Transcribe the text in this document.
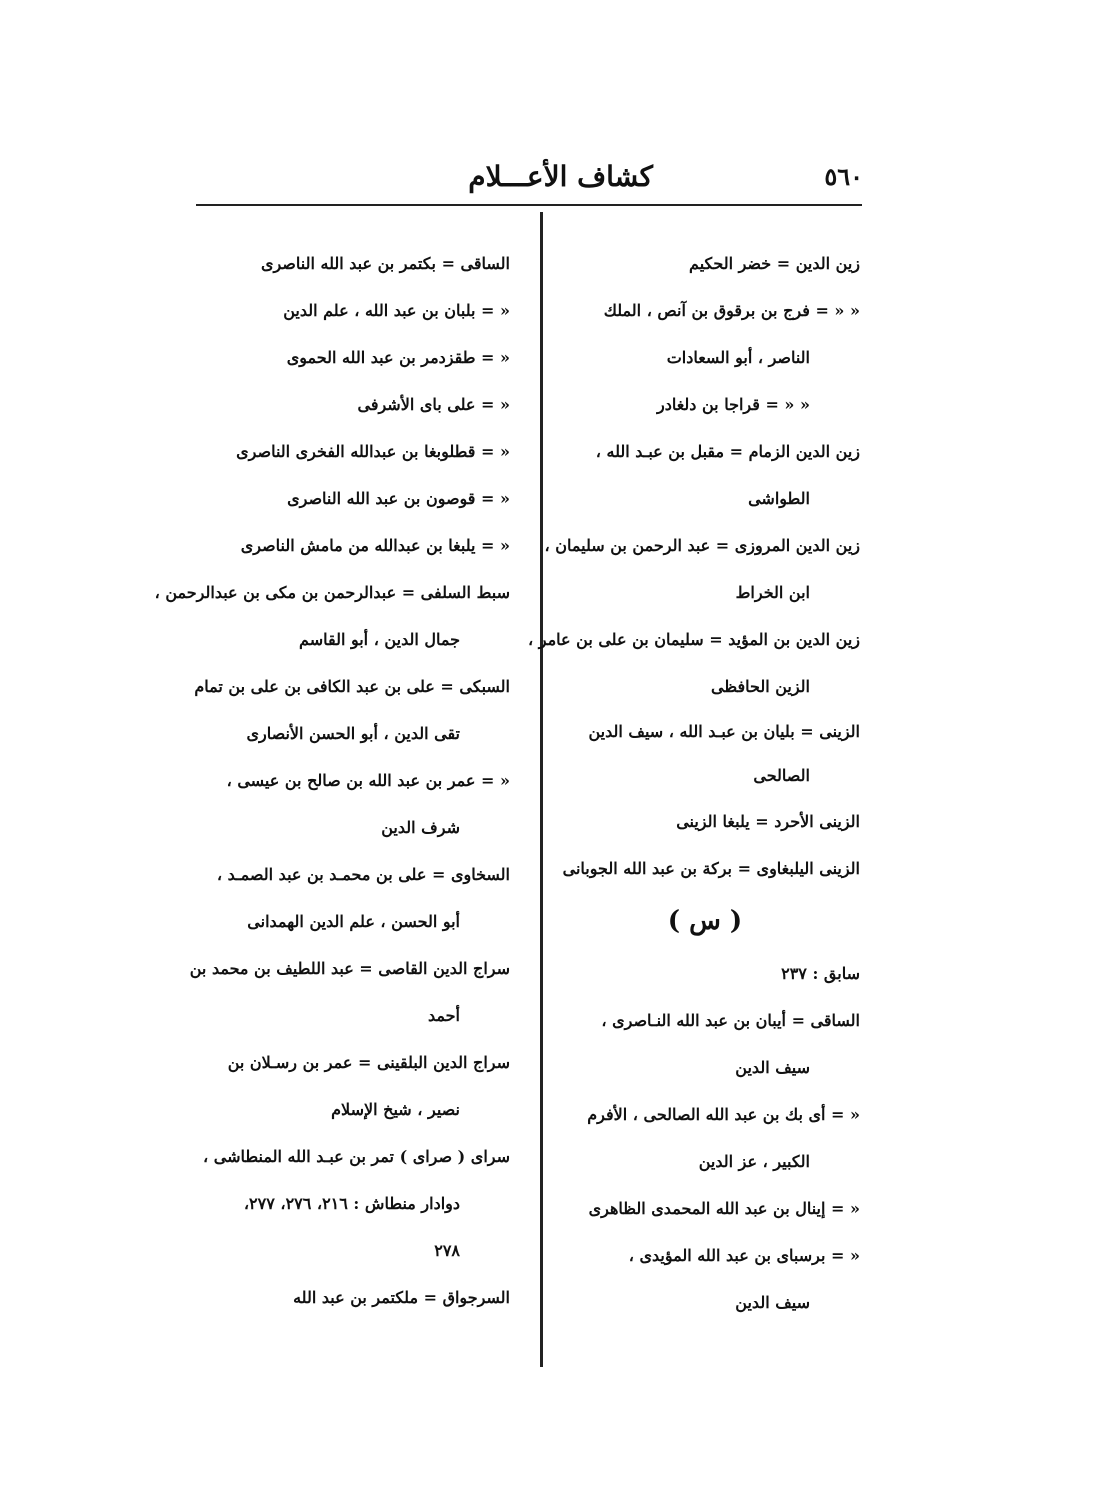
٥٦٠
كشاف الأعـــلام
زين الدين = خضر الحكيم
« « = فرج بن برقوق بن آنص ، الملك
الناصر ، أبو السعادات
« « = قراجا بن دلغادر
زين الدين الزمام = مقبل بن عبـد الله ،
الطواشى
زين الدين المروزى = عبد الرحمن بن سليمان ،
ابن الخراط
زين الدين بن المؤيد = سليمان بن على بن عامر ،
الزين الحافظى
الزينى = بليان بن عبـد الله ، سيف الدين
الصالحى
الزينى الأحرد = يلبغا الزينى
الزينى اليلبغاوى = بركة بن عبد الله الجوبانى
( س )
سابق : ٢٣٧
الساقى = أيبان بن عبد الله النـاصرى ،
سيف الدين
« = أى بك بن عبد الله الصالحى ، الأفرم
الكبير ، عز الدين
« = إينال بن عبد الله المحمدى الظاهرى
« = برسباى بن عبد الله المؤيدى ،
سيف الدين
الساقى = بكتمر بن عبد الله الناصرى
« = بلبان بن عبد الله ، علم الدين
« = طقزدمر بن عبد الله الحموى
« = على باى الأشرفى
« = قطلوبغا بن عبدالله الفخرى الناصرى
« = قوصون بن عبد الله الناصرى
« = يلبغا بن عبدالله من مامش الناصرى
سبط السلفى = عبدالرحمن بن مكى بن عبدالرحمن ،
جمال الدين ، أبو القاسم
السبكى = على بن عبد الكافى بن على بن تمام
تقى الدين ، أبو الحسن الأنصارى
« = عمر بن عبد الله بن صالح بن عيسى ،
شرف الدين
السخاوى = على بن محمـد بن عبد الصمـد ،
أبو الحسن ، علم الدين الهمدانى
سراج الدين القاصى = عبد اللطيف بن محمد بن
أحمد
سراج الدين البلقينى = عمر بن رسـلان بن
نصير ، شيخ الإسلام
سراى ( صراى ) تمر بن عبـد الله المنطاشى ،
دوادار منطاش : ٢١٦، ٢٧٦، ٢٧٧،
٢٧٨
السرجواق = ملكتمر بن عبد الله
